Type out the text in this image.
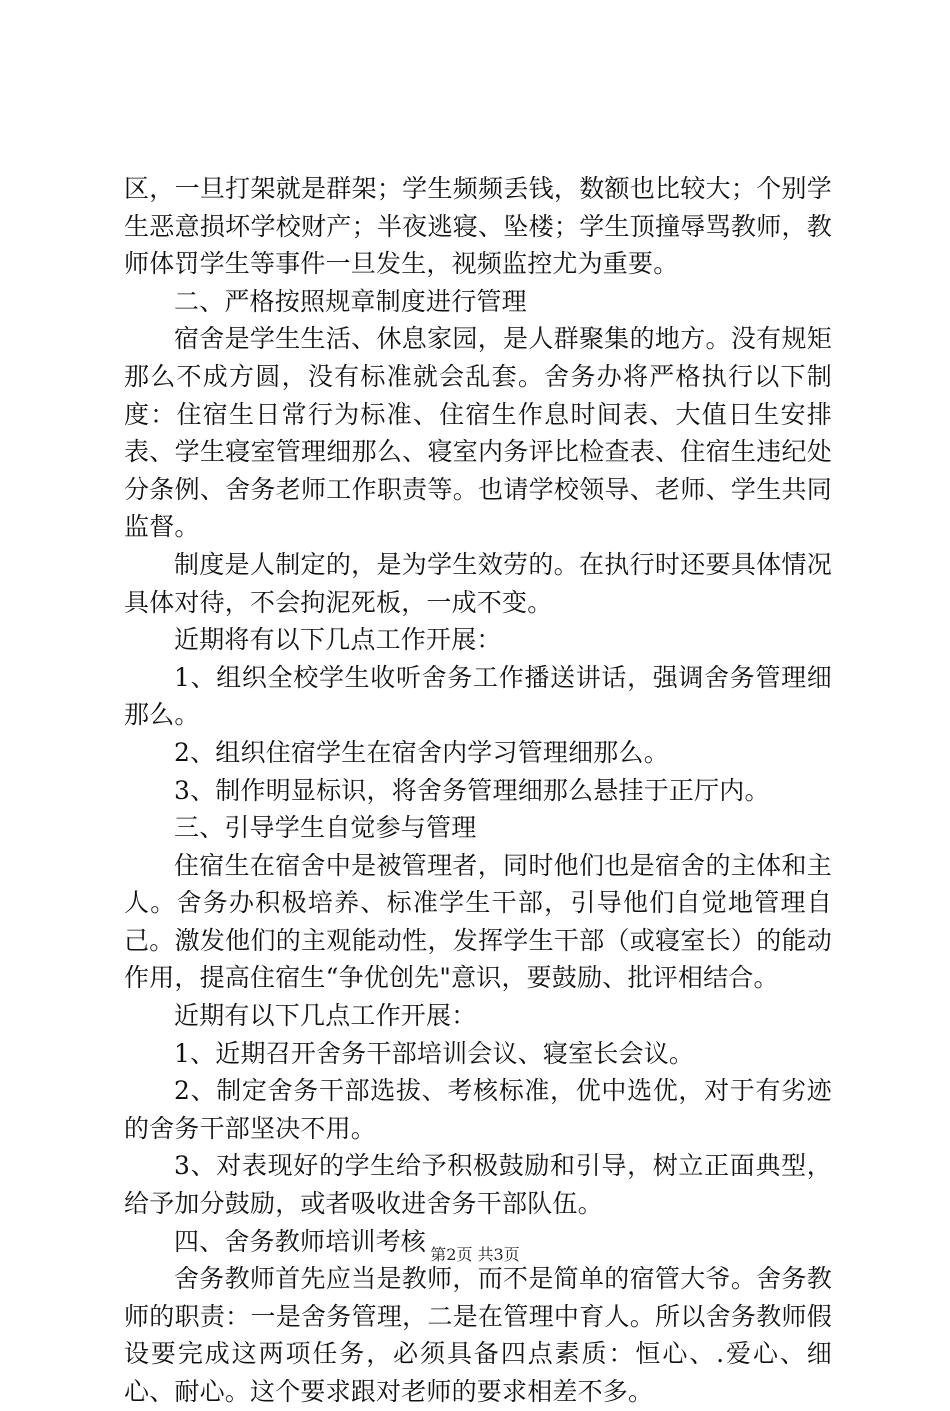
区，一旦打架就是群架；学生频频丢钱，数额也比较大；个别学生恶意损坏学校财产；半夜逃寝、坠楼；学生顶撞辱骂教师，教师体罚学生等事件一旦发生，视频监控尤为重要。

二、严格按照规章制度进行管理

宿舍是学生生活、休息家园，是人群聚集的地方。没有规矩那么不成方圆，没有标准就会乱套。舍务办将严格执行以下制度：住宿生日常行为标准、住宿生作息时间表、大值日生安排表、学生寝室管理细那么、寝室内务评比检查表、住宿生违纪处分条例、舍务老师工作职责等。也请学校领导、老师、学生共同监督。

制度是人制定的，是为学生效劳的。在执行时还要具体情况具体对待，不会拘泥死板，一成不变。

近期将有以下几点工作开展：

1、组织全校学生收听舍务工作播送讲话，强调舍务管理细那么。

2、组织住宿学生在宿舍内学习管理细那么。

3、制作明显标识，将舍务管理细那么悬挂于正厅内。

三、引导学生自觉参与管理

住宿生在宿舍中是被管理者，同时他们也是宿舍的主体和主人。舍务办积极培养、标准学生干部，引导他们自觉地管理自己。激发他们的主观能动性，发挥学生干部（或寝室长）的能动作用，提高住宿生“争优创先"意识，要鼓励、批评相结合。

近期有以下几点工作开展：

1、近期召开舍务干部培训会议、寝室长会议。

2、制定舍务干部选拔、考核标准，优中选优，对于有劣迹的舍务干部坚决不用。

3、对表现好的学生给予积极鼓励和引导，树立正面典型，给予加分鼓励，或者吸收进舍务干部队伍。

四、舍务教师培训考核

舍务教师首先应当是教师，而不是简单的宿管大爷。舍务教师的职责：一是舍务管理，二是在管理中育人。所以舍务教师假设要完成这两项任务，必须具备四点素质：恒心、.爱心、细心、耐心。这个要求跟对老师的要求相差不多。

第2页 共3页
